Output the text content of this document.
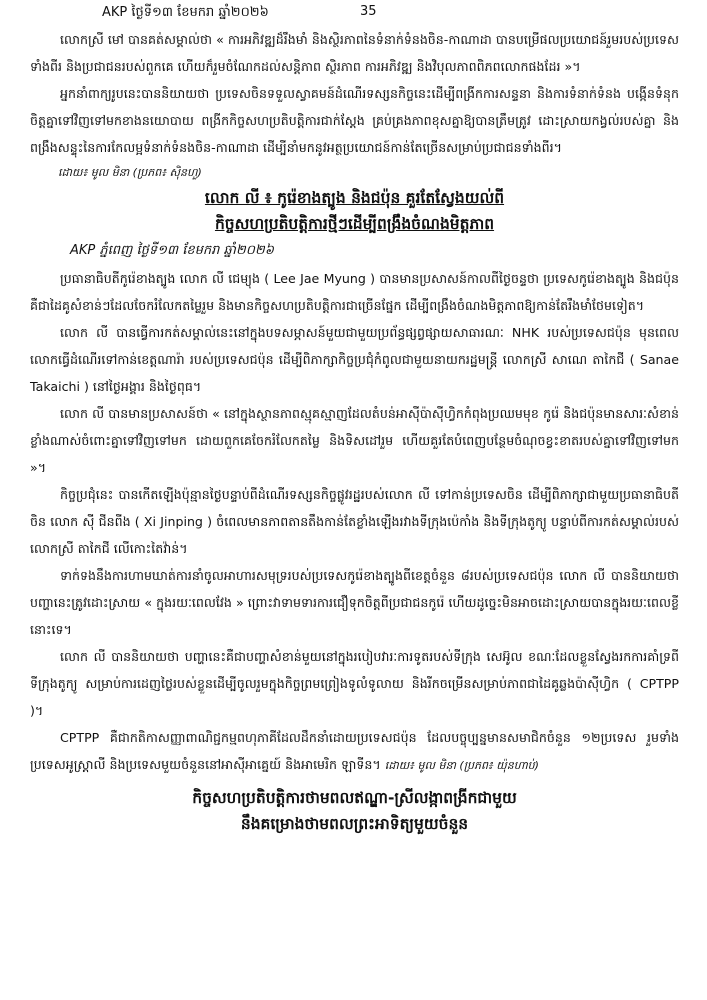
AKP ថ្ងៃទី១៣ ខែមករា ឆ្នាំ២០២៦	35

លោកស្រី មៅ បានគត់សម្គាល់ថា « ការអភិវឌ្ឍដ៏រឹងមាំ និងស្ថិរភាពនៃទំនាក់ទំនងចិន-កាណាដា បានបម្រើផលប្រយោជន៍រួមរបស់ប្រទេសទាំងពីរ និងប្រជាជនរបស់ពួកគេ ហើយក៏រួមចំណែកដល់សន្តិភាព ស្ថិរភាព ការអភិវឌ្ឍ និងវិបុលភាពពិភពលោកផងដែរ »។

អ្នកនាំពាក្យរូបនេះបាននិយាយថា ប្រទេសចិនទទួលស្វាគមន៍ដំណើរទស្សនកិច្ចនេះដើម្បីពង្រីកការសន្ទនា និងការទំនាក់ទំនង បង្កើនទំនុកចិត្តគ្នាទៅវិញទៅមកខាងនយោបាយ ពង្រីកកិច្ចសហប្រតិបត្តិការជាក់ស្តែង គ្រប់គ្រងភាពខុសគ្នាឱ្យបានត្រឹមត្រូវ ដោះស្រាយកង្វល់របស់គ្នា និងពង្រឹងសន្ទុះនៃការកែលម្អទំនាក់ទំនងចិន-កាណាដា ដើម្បីនាំមកនូវអត្ថប្រយោជន៍កាន់តែច្រើនសម្រាប់ប្រជាជនទាំងពីរ។

ដោយ៖ មូល មិនា (ប្រភព៖ ស៊ិនហួ)
លោក លី ៖ កូរ៉េខាងត្បូង និងជប៉ុន គួរតែស្វែងយល់ពី
កិច្ចសហប្រតិបត្តិការថ្មីៗដើម្បីពង្រឹងចំណងមិត្តភាព
AKP ភ្នំពេញ ថ្ងៃទី១៣ ខែមករា ឆ្នាំ២០២៦

ប្រធានាធិបតីកូរ៉េខាងត្បូង លោក លី ជេម្យុង ( Lee Jae Myung ) បានមានប្រសាសន៍កាលពីថ្ងៃចន្ទថា ប្រទេសកូរ៉េខាងត្បូង និងជប៉ុន គឺជាដៃគូសំខាន់ៗដែលចែករំលែកតម្លៃរួម និងមានកិច្ចសហប្រតិបត្តិការជាច្រើនផ្នែក ដើម្បីពង្រឹងចំណងមិត្តភាពឱ្យកាន់តែរឹងមាំថែមទៀត។

លោក លី បានធ្វើការកត់សម្គាល់នេះនៅក្នុងបទសម្ភាសន៍មួយជាមួយប្រព័ន្ធផ្សព្វផ្សាយសាធារណៈ NHK របស់ប្រទេសជប៉ុន មុនពេលលោកធ្វើដំណើរទៅកាន់ខេត្តណារ៉ា របស់ប្រទេសជប៉ុន ដើម្បីពិភាក្សាកិច្ចប្រជុំកំពូលជាមួយនាយករដ្ឋមន្ត្រី លោកស្រី សាណេ តាកៃជី ( Sanae Takaichi ) នៅថ្ងៃអង្គារ និងថ្ងៃពុធ។

លោក លី បានមានប្រសាសន៍ថា « នៅក្នុងស្ថានភាពស្មុគស្មាញដែលតំបន់អាស៊ីប៉ាស៊ីហ្វិកកំពុងប្រឈមមុខ កូរ៉េ និងជប៉ុនមានសារៈសំខាន់ខ្លាំងណាស់ចំពោះគ្នាទៅវិញទៅមក ដោយពួកគេចែករំលែកតម្លៃ និងទិសដៅរួម ហើយគួរតែបំពេញបន្ថែមចំណុចខ្វះខាតរបស់គ្នាទៅវិញទៅមក »។

កិច្ចប្រជុំនេះ បានកើតឡើងប៉ុន្មានថ្ងៃបន្ទាប់ពីដំណើរទស្សនកិច្ចផ្លូវរដ្ឋរបស់លោក លី ទៅកាន់ប្រទេសចិន ដើម្បីពិភាក្សាជាមួយប្រធានាធិបតីចិន លោក ស៊ី ជីនពីង ( Xi Jinping ) ចំពេលមានភាពតានតឹងកាន់តែខ្លាំងឡើងរវាងទីក្រុងប៉េកាំង និងទីក្រុងតូក្យូ បន្ទាប់ពីការកត់សម្គាល់របស់លោកស្រី តាកៃជី លើកោះតៃវ៉ាន់។

ទាក់ទងនឹងការហាមឃាត់ការនាំចូលអាហារសមុទ្ររបស់ប្រទេសកូរ៉េខាងត្បូងពីខេត្តចំនួន ៨របស់ប្រទេសជប៉ុន លោក លី បាននិយាយថា បញ្ហានេះត្រូវដោះស្រាយ « ក្នុងរយៈពេលវែង » ព្រោះវាទាមទារការជឿទុកចិត្តពីប្រជាជនកូរ៉េ ហើយដូច្នេះមិនអាចដោះស្រាយបានក្នុងរយៈពេលខ្លីនោះទេ។

លោក លី បាននិយាយថា បញ្ហានេះគឺជាបញ្ហាសំខាន់មួយនៅក្នុងរបៀបវារៈការទូតរបស់ទីក្រុង សេអ៊ូល ខណៈដែលខ្លួនស្វែងរកការគាំទ្រពីទីក្រុងតូក្យូ សម្រាប់ការដេញថ្លៃរបស់ខ្លួនដើម្បីចូលរួមក្នុងកិច្ចព្រមព្រៀងទូលំទូលាយ និងរីកចម្រើនសម្រាប់ភាពជាដៃគូឆ្លងប៉ាស៊ីហ្វិក ( CPTPP )។

CPTPP គឺជាកតិកាសញ្ញាពាណិជ្ជកម្មពហុភាគីដែលដឹកនាំដោយប្រទេសជប៉ុន ដែលបច្ចុប្បន្នមានសមាជិកចំនួន ១២ប្រទេស រួមទាំងប្រទេសអូស្ត្រាលី និងប្រទេសមួយចំនួននៅអាស៊ីអាគ្នេយ៍ និងអាមេរិក ឡាទីន។ ដោយ៖ មូល មិនា (ប្រភព៖ យ៉ុនហាប់)

កិច្ចសហប្រតិបត្តិការថាមពលឥណ្ឌា-ស្រីលង្កាពង្រីកជាមួយ
នឹងគម្រោងថាមពលព្រះអាទិត្យមួយចំនួន
